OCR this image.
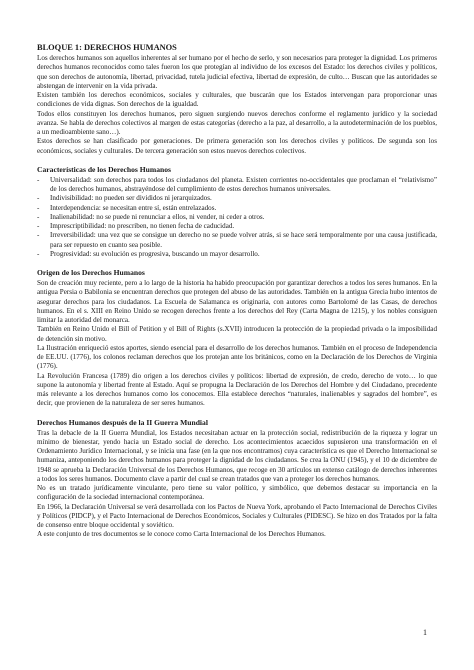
BLOQUE 1: DERECHOS HUMANOS

Los derechos humanos son aquellos inherentes al ser humano por el hecho de serlo, y son necesarios para proteger la dignidad. Los primeros derechos humanos reconocidos como tales fueron los que protegían al individuo de los excesos del Estado: los derechos civiles y políticos, que son derechos de autonomía, libertad, privacidad, tutela judicial efectiva, libertad de expresión, de culto… Buscan que las autoridades se abstengan de intervenir en la vida privada.

Existen también los derechos económicos, sociales y culturales, que buscarán que los Estados intervengan para proporcionar unas condiciones de vida dignas. Son derechos de la igualdad.

Todos ellos constituyen los derechos humanos, pero siguen surgiendo nuevos derechos conforme el reglamento jurídico y la sociedad avanza. Se habla de derechos colectivos al margen de estas categorías (derecho a la paz, al desarrollo, a la autodeterminación de los pueblos, a un medioambiente sano…).

Estos derechos se han clasificado por generaciones. De primera generación son los derechos civiles y políticos. De segunda son los económicos, sociales y culturales. De tercera generación son estos nuevos derechos colectivos.

Características de los Derechos Humanos
- Universalidad: son derechos para todos los ciudadanos del planeta. Existen corrientes no-occidentales que proclaman el “relativismo” de los derechos humanos, abstrayéndose del cumplimiento de estos derechos humanos universales.
- Indivisibilidad: no pueden ser divididos ni jerarquizados.
- Interdependencia: se necesitan entre sí, están entrelazados.
- Inalienabilidad: no se puede ni renunciar a ellos, ni vender, ni ceder a otros.
- Imprescriptibilidad: no prescriben, no tienen fecha de caducidad.
- Irreversibilidad: una vez que se consigue un derecho no se puede volver atrás, si se hace será temporalmente por una causa justificada, para ser repuesto en cuanto sea posible.
- Progresividad: su evolución es progresiva, buscando un mayor desarrollo.
Origen de los Derechos Humanos

Son de creación muy reciente, pero a lo largo de la historia ha habido preocupación por garantizar derechos a todos los seres humanos. En la antigua Persia o Babilonia se encuentran derechos que protegen del abuso de las autoridades. También en la antigua Grecia hubo intentos de asegurar derechos para los ciudadanos. La Escuela de Salamanca es originaria, con autores como Bartolomé de las Casas, de derechos humanos. En el s. XIII en Reino Unido se recogen derechos frente a los derechos del Rey (Carta Magna de 1215), y los nobles consiguen limitar la autoridad del monarca.

También en Reino Unido el Bill of Petition y el Bill of Rights (s.XVII) introducen la protección de la propiedad privada o la imposibilidad de detención sin motivo.

La Ilustración enriqueció estos aportes, siendo esencial para el desarrollo de los derechos humanos. También en el proceso de Independencia de EE.UU. (1776), los colonos reclaman derechos que los protejan ante los británicos, como en la Declaración de los Derechos de Virginia (1776).

La Revolución Francesa (1789) dio origen a los derechos civiles y políticos: libertad de expresión, de credo, derecho de voto… lo que supone la autonomía y libertad frente al Estado. Aquí se propugna la Declaración de los Derechos del Hombre y del Ciudadano, precedente más relevante a los derechos humanos como los conocemos. Ella establece derechos “naturales, inalienables y sagrados del hombre”, es decir, que provienen de la naturaleza de ser seres humanos.

Derechos Humanos después de la II Guerra Mundial

Tras la debacle de la II Guerra Mundial, los Estados necesitaban actuar en la protección social, redistribución de la riqueza y lograr un mínimo de bienestar, yendo hacia un Estado social de derecho. Los acontecimientos acaecidos supusieron una transformación en el Ordenamiento Jurídico Internacional, y se inicia una fase (en la que nos encontramos) cuya característica es que el Derecho Internacional se humaniza, anteponiendo los derechos humanos para proteger la dignidad de los ciudadanos. Se crea la ONU (1945), y el 10 de diciembre de 1948 se aprueba la Declaración Universal de los Derechos Humanos, que recoge en 30 artículos un extenso catálogo de derechos inherentes a todos los seres humanos. Documento clave a partir del cual se crean tratados que van a proteger los derechos humanos.

No es un tratado jurídicamente vinculante, pero tiene su valor político, y simbólico, que debemos destacar su importancia en la configuración de la sociedad internacional contemporánea.

En 1966, la Declaración Universal se verá desarrollada con los Pactos de Nueva York, aprobando el Pacto Internacional de Derechos Civiles y Políticos (PIDCP), y el Pacto Internacional de Derechos Económicos, Sociales y Culturales (PIDESC). Se hizo en dos Tratados por la falta de consenso entre bloque occidental y soviético.

A este conjunto de tres documentos se le conoce como Carta Internacional de los Derechos Humanos.

1
